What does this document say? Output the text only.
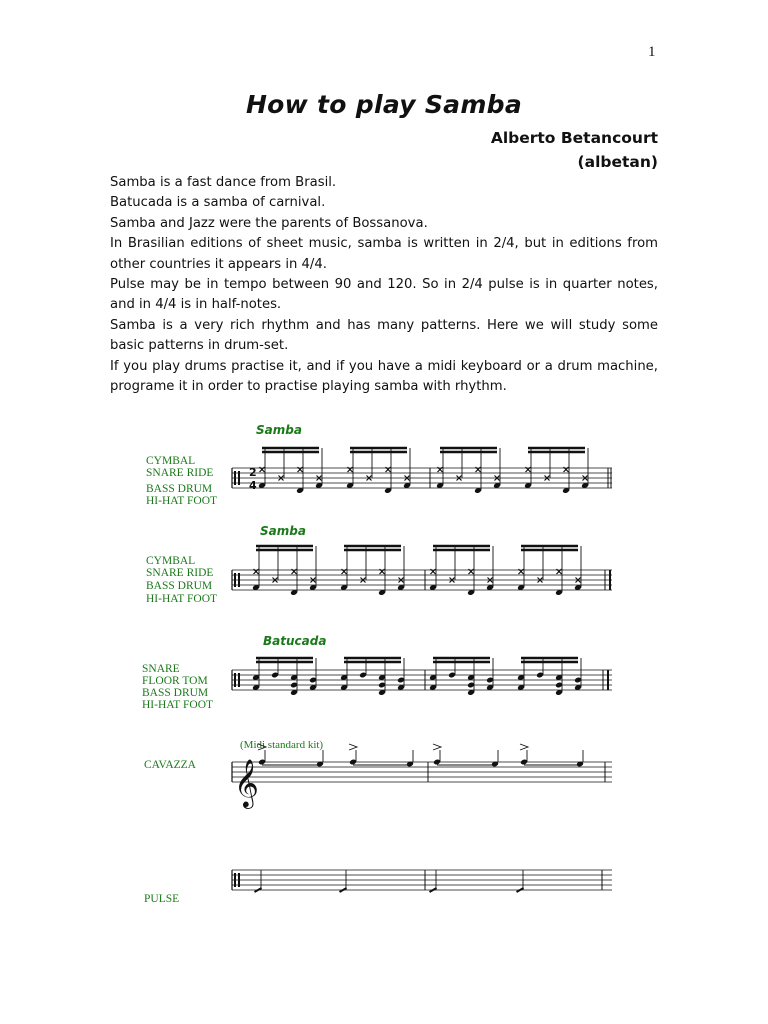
1
How to play Samba
Alberto Betancourt
(albetan)

Samba is a fast dance from Brasil.

Batucada is a samba of carnival.

Samba and Jazz were the parents of Bossanova.

In Brasilian editions of sheet music, samba is written in 2/4, but in editions from other countries it appears in 4/4.

Pulse may be in tempo between 90 and 120. So in 2/4 pulse is in quarter notes, and in 4/4 is in half-notes.

Samba is a very rich rhythm and has many patterns. Here we will study some basic patterns in drum-set.

If you play drums practise it, and if you have a midi keyboard or a drum machine, programe it in order to practise playing samba with rhythm.

Samba
CYMBAL
SNARE RIDE
BASS DRUM
HI-HAT FOOT
Samba
CYMBAL
SNARE RIDE
BASS DRUM
HI-HAT FOOT
Batucada
SNARE
FLOOR TOM
BASS DRUM
HI-HAT FOOT
(Midi standard kit)
CAVAZZA
PULSE
2
4
𝄞
